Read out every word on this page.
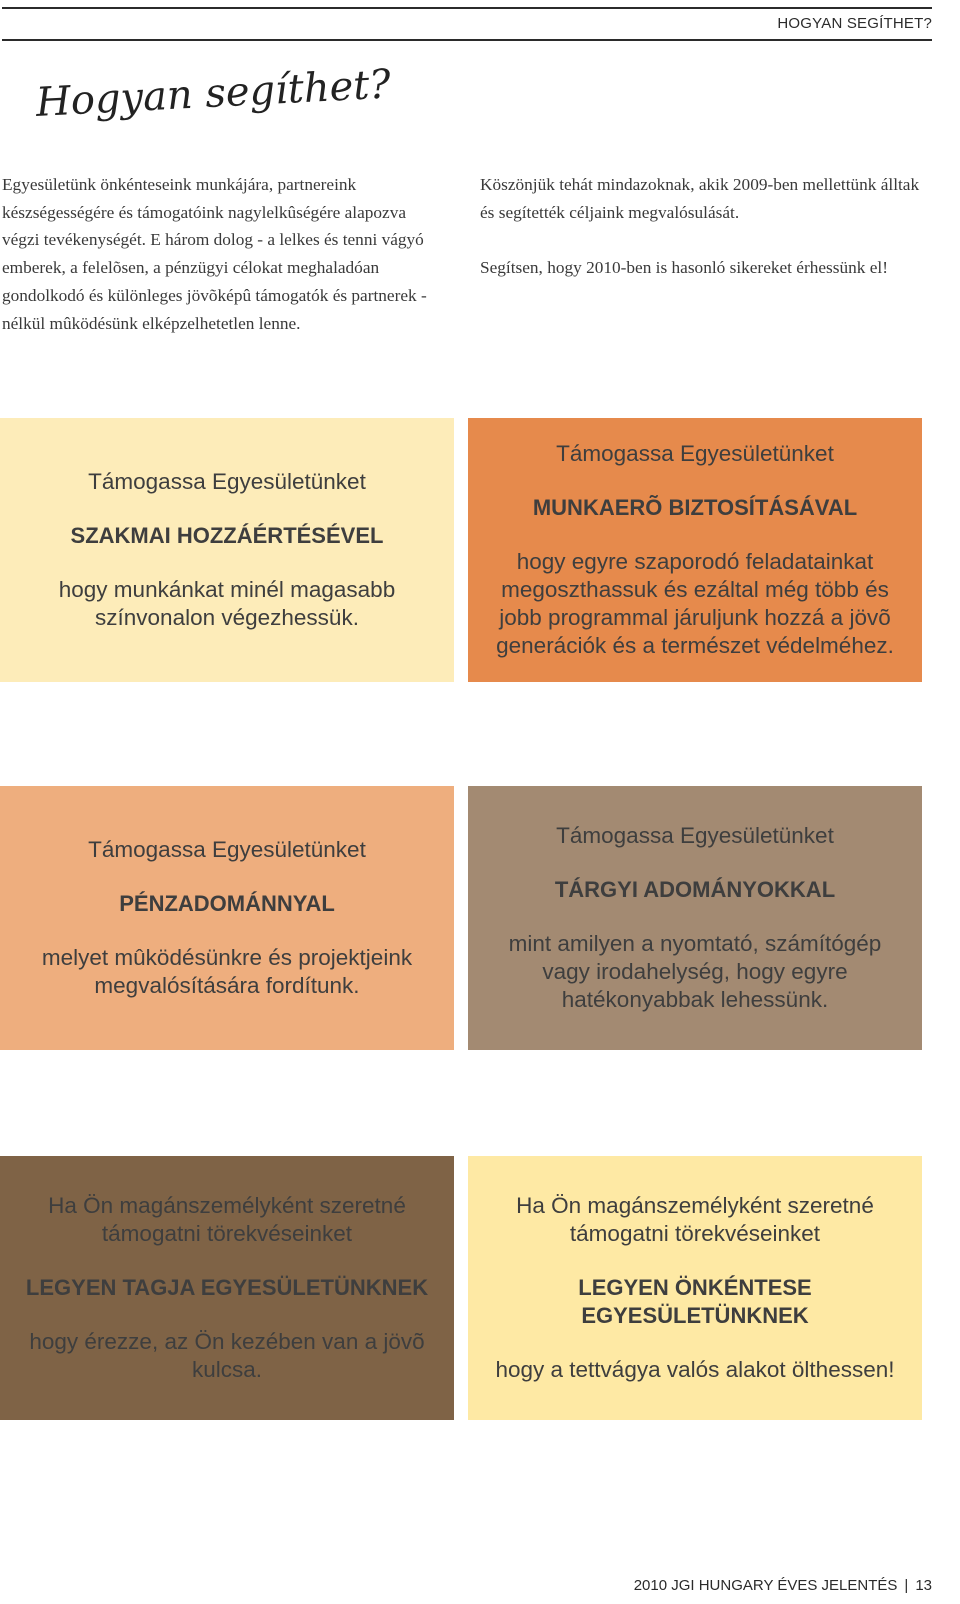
HOGYAN SEGÍTHET?
Hogyan segíthet?

Egyesületünk önkénteseink munkájára, partnereink készségességére és támogatóink nagylelkûségére alapozva végzi tevékenységét. E három dolog - a lelkes és tenni vágyó emberek, a felelõsen, a pénzügyi célokat meghaladóan gondolkodó és különleges jövõképû támogatók és partnerek - nélkül mûködésünk elképzelhetetlen lenne.

Köszönjük tehát mindazoknak, akik 2009-ben mellettünk álltak és segítették céljaink megvalósulását.

Segítsen, hogy 2010-ben is hasonló sikereket érhessünk el!

Támogassa Egyesületünket
SZAKMAI HOZZÁÉRTÉSÉVEL
hogy munkánkat minél magasabb színvonalon végezhessük.
Támogassa Egyesületünket
MUNKAERÕ BIZTOSÍTÁSÁVAL
hogy egyre szaporodó feladatainkat megoszthassuk és ezáltal még több és jobb programmal járuljunk hozzá a jövõ generációk és a természet védelméhez.
Támogassa Egyesületünket
PÉNZADOMÁNNYAL
melyet mûködésünkre és projektjeink megvalósítására fordítunk.
Támogassa Egyesületünket
TÁRGYI ADOMÁNYOKKAL
mint amilyen a nyomtató, számítógép vagy irodahelység, hogy egyre hatékonyabbak lehessünk.
Ha Ön magánszemélyként szeretné támogatni törekvéseinket
LEGYEN TAGJA EGYESÜLETÜNKNEK
hogy érezze, az Ön kezében van a jövõ kulcsa.
Ha Ön magánszemélyként szeretné támogatni törekvéseinket
LEGYEN ÖNKÉNTESE EGYESÜLETÜNKNEK
hogy a tettvágya valós alakot ölthessen!
2010 JGI HUNGARY ÉVES JELENTÉS | 13
